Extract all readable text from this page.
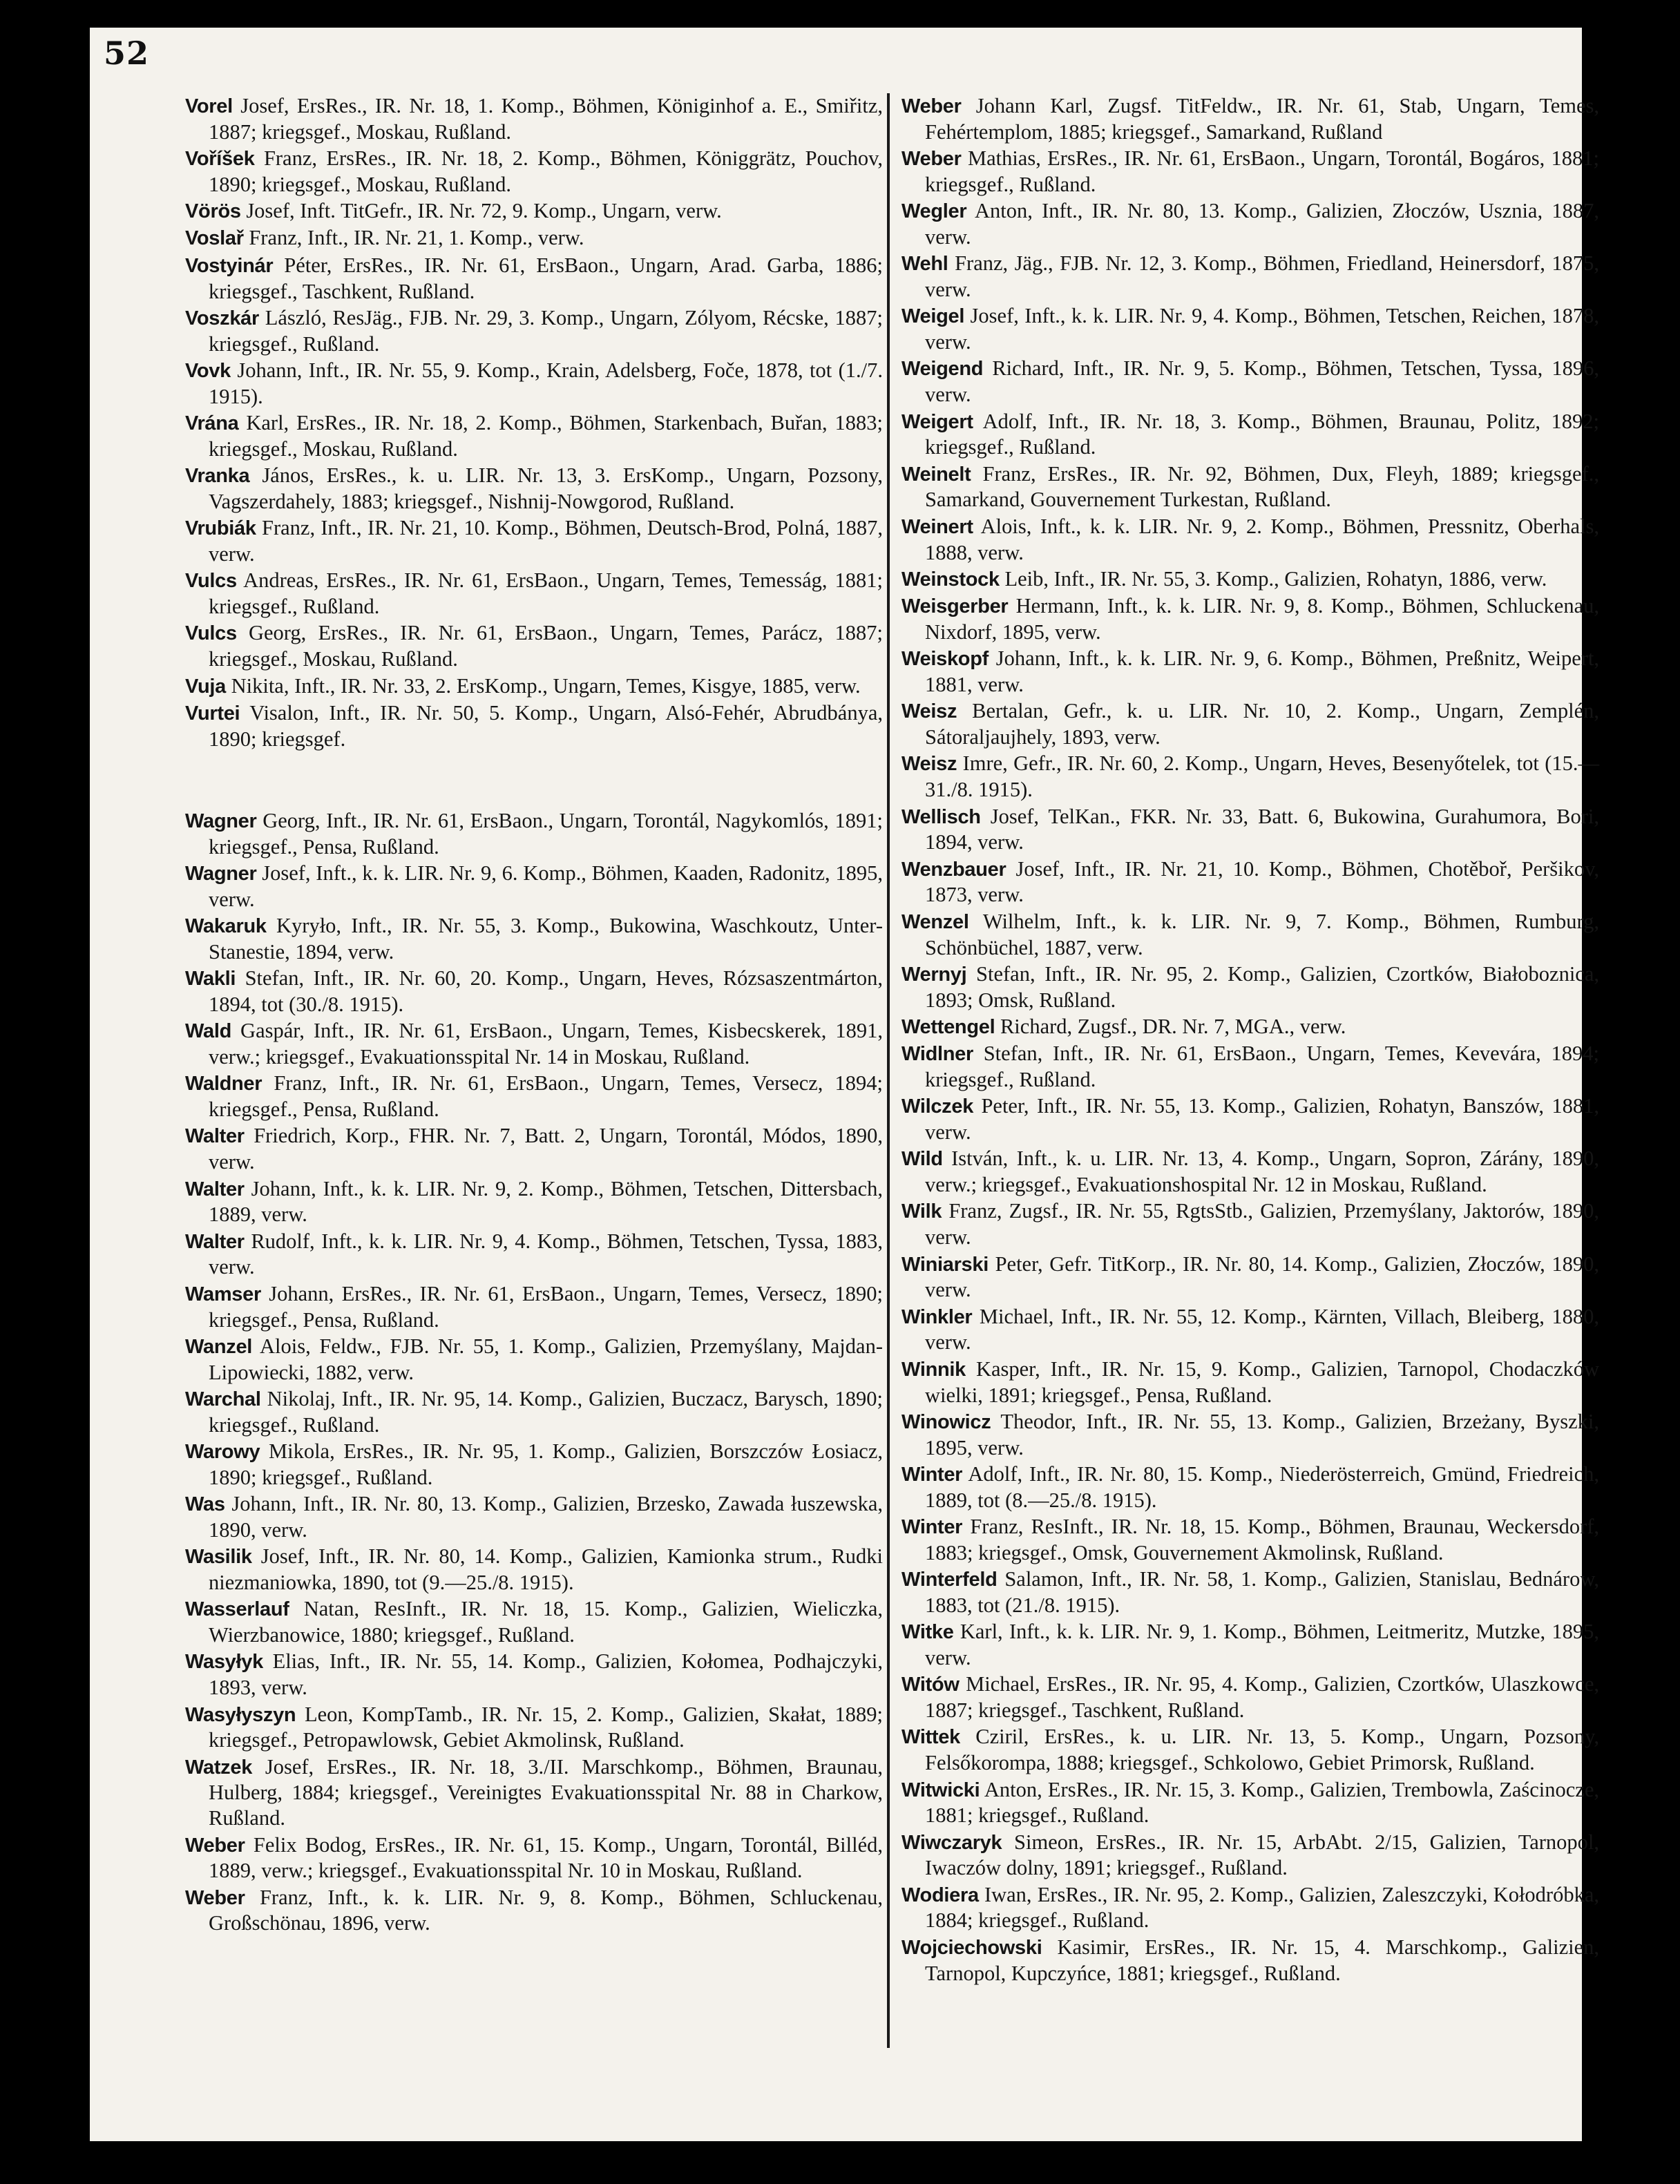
52

Vorel Josef, ErsRes., IR. Nr. 18, 1. Komp., Böhmen, Königinhof a. E., Smiřitz, 1887; kriegsgef., Moskau, Rußland.

Voříšek Franz, ErsRes., IR. Nr. 18, 2. Komp., Böhmen, Königgrätz, Pouchov, 1890; kriegsgef., Moskau, Rußland.

Vörös Josef, Inft. TitGefr., IR. Nr. 72, 9. Komp., Ungarn, verw.

Voslař Franz, Inft., IR. Nr. 21, 1. Komp., verw.

Vostyinár Péter, ErsRes., IR. Nr. 61, ErsBaon., Ungarn, Arad. Garba, 1886; kriegsgef., Taschkent, Rußland.

Voszkár László, ResJäg., FJB. Nr. 29, 3. Komp., Ungarn, Zólyom, Récske, 1887; kriegsgef., Rußland.

Vovk Johann, Inft., IR. Nr. 55, 9. Komp., Krain, Adelsberg, Foče, 1878, tot (1./7. 1915).

Vrána Karl, ErsRes., IR. Nr. 18, 2. Komp., Böhmen, Starkenbach, Buřan, 1883; kriegsgef., Moskau, Rußland.

Vranka János, ErsRes., k. u. LIR. Nr. 13, 3. ErsKomp., Ungarn, Pozsony, Vagszerdahely, 1883; kriegsgef., Nishnij-Nowgorod, Rußland.

Vrubiák Franz, Inft., IR. Nr. 21, 10. Komp., Böhmen, Deutsch-Brod, Polná, 1887, verw.

Vulcs Andreas, ErsRes., IR. Nr. 61, ErsBaon., Ungarn, Temes, Temesság, 1881; kriegsgef., Rußland.

Vulcs Georg, ErsRes., IR. Nr. 61, ErsBaon., Ungarn, Temes, Parácz, 1887; kriegsgef., Moskau, Rußland.

Vuja Nikita, Inft., IR. Nr. 33, 2. ErsKomp., Ungarn, Temes, Kisgye, 1885, verw.

Vurtei Visalon, Inft., IR. Nr. 50, 5. Komp., Ungarn, Alsó-Fehér, Abrudbánya, 1890; kriegsgef.

Wagner Georg, Inft., IR. Nr. 61, ErsBaon., Ungarn, Torontál, Nagykomlós, 1891; kriegsgef., Pensa, Rußland.

Wagner Josef, Inft., k. k. LIR. Nr. 9, 6. Komp., Böhmen, Kaaden, Radonitz, 1895, verw.

Wakaruk Kyryło, Inft., IR. Nr. 55, 3. Komp., Bukowina, Waschkoutz, Unter-Stanestie, 1894, verw.

Wakli Stefan, Inft., IR. Nr. 60, 20. Komp., Ungarn, Heves, Rózsaszentmárton, 1894, tot (30./8. 1915).

Wald Gaspár, Inft., IR. Nr. 61, ErsBaon., Ungarn, Temes, Kisbecskerek, 1891, verw.; kriegsgef., Evakuationsspital Nr. 14 in Moskau, Rußland.

Waldner Franz, Inft., IR. Nr. 61, ErsBaon., Ungarn, Temes, Versecz, 1894; kriegsgef., Pensa, Rußland.

Walter Friedrich, Korp., FHR. Nr. 7, Batt. 2, Ungarn, Torontál, Módos, 1890, verw.

Walter Johann, Inft., k. k. LIR. Nr. 9, 2. Komp., Böhmen, Tetschen, Dittersbach, 1889, verw.

Walter Rudolf, Inft., k. k. LIR. Nr. 9, 4. Komp., Böhmen, Tetschen, Tyssa, 1883, verw.

Wamser Johann, ErsRes., IR. Nr. 61, ErsBaon., Ungarn, Temes, Versecz, 1890; kriegsgef., Pensa, Rußland.

Wanzel Alois, Feldw., FJB. Nr. 55, 1. Komp., Galizien, Przemyślany, Majdan-Lipowiecki, 1882, verw.

Warchal Nikolaj, Inft., IR. Nr. 95, 14. Komp., Galizien, Buczacz, Barysch, 1890; kriegsgef., Rußland.

Warowy Mikola, ErsRes., IR. Nr. 95, 1. Komp., Galizien, Borszczów Łosiacz, 1890; kriegsgef., Rußland.

Was Johann, Inft., IR. Nr. 80, 13. Komp., Galizien, Brzesko, Zawada łuszewska, 1890, verw.

Wasilik Josef, Inft., IR. Nr. 80, 14. Komp., Galizien, Kamionka strum., Rudki niezmaniowka, 1890, tot (9.—25./8. 1915).

Wasserlauf Natan, ResInft., IR. Nr. 18, 15. Komp., Galizien, Wieliczka, Wierzbanowice, 1880; kriegsgef., Rußland.

Wasyłyk Elias, Inft., IR. Nr. 55, 14. Komp., Galizien, Kołomea, Podhajczyki, 1893, verw.

Wasyłyszyn Leon, KompTamb., IR. Nr. 15, 2. Komp., Galizien, Skałat, 1889; kriegsgef., Petropawlowsk, Gebiet Akmolinsk, Rußland.

Watzek Josef, ErsRes., IR. Nr. 18, 3./II. Marschkomp., Böhmen, Braunau, Hulberg, 1884; kriegsgef., Vereinigtes Evakuationsspital Nr. 88 in Charkow, Rußland.

Weber Felix Bodog, ErsRes., IR. Nr. 61, 15. Komp., Ungarn, Torontál, Billéd, 1889, verw.; kriegsgef., Evakuationsspital Nr. 10 in Moskau, Rußland.

Weber Franz, Inft., k. k. LIR. Nr. 9, 8. Komp., Böhmen, Schluckenau, Großschönau, 1896, verw.

Weber Johann Karl, Zugsf. TitFeldw., IR. Nr. 61, Stab, Ungarn, Temes, Fehértemplom, 1885; kriegsgef., Samarkand, Rußland

Weber Mathias, ErsRes., IR. Nr. 61, ErsBaon., Ungarn, Torontál, Bogáros, 1881; kriegsgef., Rußland.

Wegler Anton, Inft., IR. Nr. 80, 13. Komp., Galizien, Złoczów, Usznia, 1887, verw.

Wehl Franz, Jäg., FJB. Nr. 12, 3. Komp., Böhmen, Friedland, Heinersdorf, 1875, verw.

Weigel Josef, Inft., k. k. LIR. Nr. 9, 4. Komp., Böhmen, Tetschen, Reichen, 1878, verw.

Weigend Richard, Inft., IR. Nr. 9, 5. Komp., Böhmen, Tetschen, Tyssa, 1896, verw.

Weigert Adolf, Inft., IR. Nr. 18, 3. Komp., Böhmen, Braunau, Politz, 1892; kriegsgef., Rußland.

Weinelt Franz, ErsRes., IR. Nr. 92, Böhmen, Dux, Fleyh, 1889; kriegsgef., Samarkand, Gouvernement Turkestan, Rußland.

Weinert Alois, Inft., k. k. LIR. Nr. 9, 2. Komp., Böhmen, Pressnitz, Oberhals, 1888, verw.

Weinstock Leib, Inft., IR. Nr. 55, 3. Komp., Galizien, Rohatyn, 1886, verw.

Weisgerber Hermann, Inft., k. k. LIR. Nr. 9, 8. Komp., Böhmen, Schluckenau, Nixdorf, 1895, verw.

Weiskopf Johann, Inft., k. k. LIR. Nr. 9, 6. Komp., Böhmen, Preßnitz, Weipert, 1881, verw.

Weisz Bertalan, Gefr., k. u. LIR. Nr. 10, 2. Komp., Ungarn, Zemplén, Sátoraljaujhely, 1893, verw.

Weisz Imre, Gefr., IR. Nr. 60, 2. Komp., Ungarn, Heves, Besenyőtelek, tot (15.—31./8. 1915).

Wellisch Josef, TelKan., FKR. Nr. 33, Batt. 6, Bukowina, Gurahumora, Bori, 1894, verw.

Wenzbauer Josef, Inft., IR. Nr. 21, 10. Komp., Böhmen, Chotěboř, Peršikov, 1873, verw.

Wenzel Wilhelm, Inft., k. k. LIR. Nr. 9, 7. Komp., Böhmen, Rumburg, Schönbüchel, 1887, verw.

Wernyj Stefan, Inft., IR. Nr. 95, 2. Komp., Galizien, Czortków, Białoboznica, 1893; Omsk, Rußland.

Wettengel Richard, Zugsf., DR. Nr. 7, MGA., verw.

Widlner Stefan, Inft., IR. Nr. 61, ErsBaon., Ungarn, Temes, Kevevára, 1894; kriegsgef., Rußland.

Wilczek Peter, Inft., IR. Nr. 55, 13. Komp., Galizien, Rohatyn, Banszów, 1881, verw.

Wild István, Inft., k. u. LIR. Nr. 13, 4. Komp., Ungarn, Sopron, Zárány, 1890, verw.; kriegsgef., Evakuationshospital Nr. 12 in Moskau, Rußland.

Wilk Franz, Zugsf., IR. Nr. 55, RgtsStb., Galizien, Przemyślany, Jaktorów, 1890, verw.

Winiarski Peter, Gefr. TitKorp., IR. Nr. 80, 14. Komp., Galizien, Złoczów, 1890, verw.

Winkler Michael, Inft., IR. Nr. 55, 12. Komp., Kärnten, Villach, Bleiberg, 1880, verw.

Winnik Kasper, Inft., IR. Nr. 15, 9. Komp., Galizien, Tarnopol, Chodaczków wielki, 1891; kriegsgef., Pensa, Rußland.

Winowicz Theodor, Inft., IR. Nr. 55, 13. Komp., Galizien, Brzeżany, Byszki, 1895, verw.

Winter Adolf, Inft., IR. Nr. 80, 15. Komp., Niederösterreich, Gmünd, Friedreich, 1889, tot (8.—25./8. 1915).

Winter Franz, ResInft., IR. Nr. 18, 15. Komp., Böhmen, Braunau, Weckersdorf, 1883; kriegsgef., Omsk, Gouvernement Akmolinsk, Rußland.

Winterfeld Salamon, Inft., IR. Nr. 58, 1. Komp., Galizien, Stanislau, Bednárow, 1883, tot (21./8. 1915).

Witke Karl, Inft., k. k. LIR. Nr. 9, 1. Komp., Böhmen, Leitmeritz, Mutzke, 1895, verw.

Witów Michael, ErsRes., IR. Nr. 95, 4. Komp., Galizien, Czortków, Ulaszkowce, 1887; kriegsgef., Taschkent, Rußland.

Wittek Cziril, ErsRes., k. u. LIR. Nr. 13, 5. Komp., Ungarn, Pozsony, Felsőkorompa, 1888; kriegsgef., Schkolowo, Gebiet Primorsk, Rußland.

Witwicki Anton, ErsRes., IR. Nr. 15, 3. Komp., Galizien, Trembowla, Zaścinocze, 1881; kriegsgef., Rußland.

Wiwczaryk Simeon, ErsRes., IR. Nr. 15, ArbAbt. 2/15, Galizien, Tarnopol, Iwaczów dolny, 1891; kriegsgef., Rußland.

Wodiera Iwan, ErsRes., IR. Nr. 95, 2. Komp., Galizien, Zaleszczyki, Kołodróbka, 1884; kriegsgef., Rußland.

Wojciechowski Kasimir, ErsRes., IR. Nr. 15, 4. Marschkomp., Galizien, Tarnopol, Kupczyńce, 1881; kriegsgef., Rußland.
